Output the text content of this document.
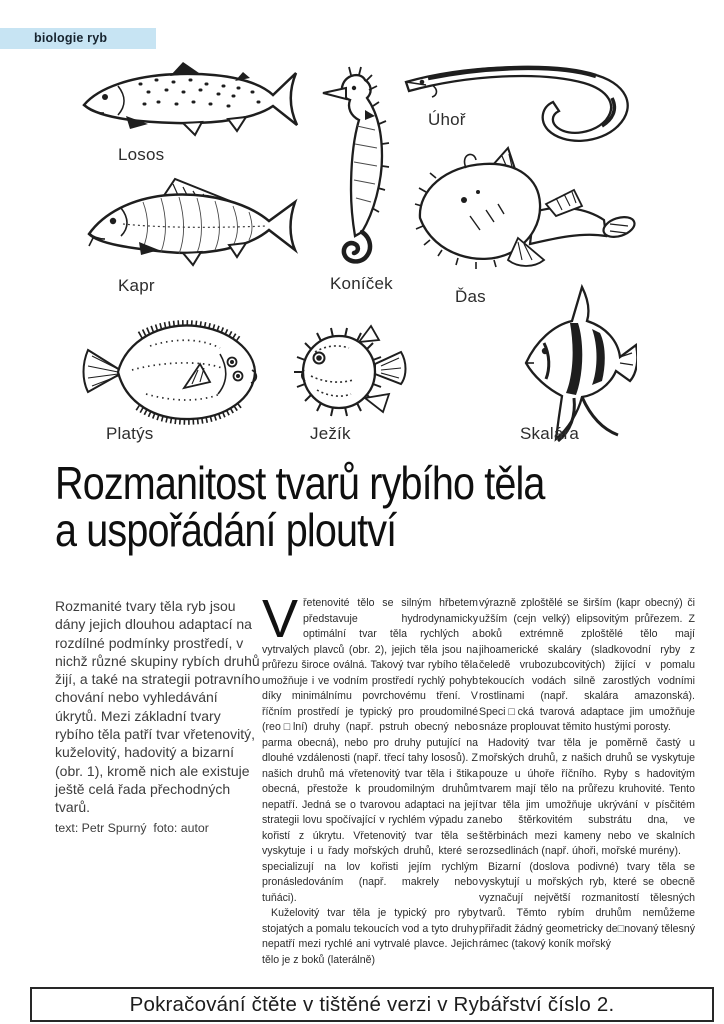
biologie ryb
Losos
Koníček
Úhoř
Kapr
Ďas
Platýs	Ježík	Skalára
Rozmanitost tvarů rybího těla
a uspořádání ploutví
Rozmanité tvary těla ryb jsou dány jejich dlouhou adaptací na rozdílné podmínky prostředí, v nichž různé skupiny rybích druhů žijí, a také na strategii potravního chování nebo vyhledávání úkrytů. Mezi základní tvary rybího těla patří tvar vřetenovitý, kuželovitý, hadovitý a bizarní (obr. 1), kromě nich ale existuje ještě celá řada přechodných tvarů.
text: Petr Spurný  foto: autor

Vřetenovité tělo se silným hřbetem představuje hydrodynamicky optimální tvar těla rychlých a vytrvalých plavců (obr. 2), jejich těla jsou na průřezu široce oválná. Takový tvar rybího těla umožňuje i ve vodním prostředí rychlý pohyb díky minimálnímu povrchovému tření. V říčním prostředí je typický pro proudomilné (reo□lní) druhy (např. pstruh obecný nebo parma obecná), nebo pro druhy putující na dlouhé vzdálenosti (např. třecí tahy lososů). Z našich druhů má vřetenovitý tvar těla i štika obecná, přestože k proudomilným druhům nepatří. Jedná se o tvarovou adaptaci na její strategii lovu spočívající v rychlém výpadu za kořistí z úkrytu. Vřetenovitý tvar těla se vyskytuje i u řady mořských druhů, které se specializují na lov kořisti jejím rychlým pronásledováním (např. makrely nebo tuňáci).

Kuželovitý tvar těla je typický pro ryby stojatých a pomalu tekoucích vod a tyto druhy nepatří mezi rychlé ani vytrvalé plavce. Jejich tělo je z boků (laterálně)

výrazně zploštělé se širším (kapr obecný) či užším (cejn velký) elipsovitým průřezem. Z boků extrémně zploštělé tělo mají jihoamerické skaláry (sladkovodní ryby z čeledě vrubozubcovitých) žijící v pomalu tekoucích vodách silně zarostlých vodními rostlinami (např. skalára amazonská). Speci□cká tvarová adaptace jim umožňuje snáze proplouvat těmito hustými porosty.

Hadovitý tvar těla je poměrně častý u mořských druhů, z našich druhů se vyskytuje pouze u úhoře říčního. Ryby s hadovitým tvarem mají tělo na průřezu kruhovité. Tento tvar těla jim umožňuje ukrývání v písčitém nebo štěrkovitém substrátu dna, ve štěrbinách mezi kameny nebo ve skalních rozsedlinách (např. úhoři, mořské murény).

Bizarní (doslova podivné) tvary těla se vyskytují u mořských ryb, které se obecně vyznačují největší rozmanitostí tělesných tvarů. Těmto rybím druhům nemůžeme přiřadit žádný geometricky de□novaný tělesný rámec (takový koník mořský

Pokračování čtěte v tištěné verzi v Rybářství číslo 2.
